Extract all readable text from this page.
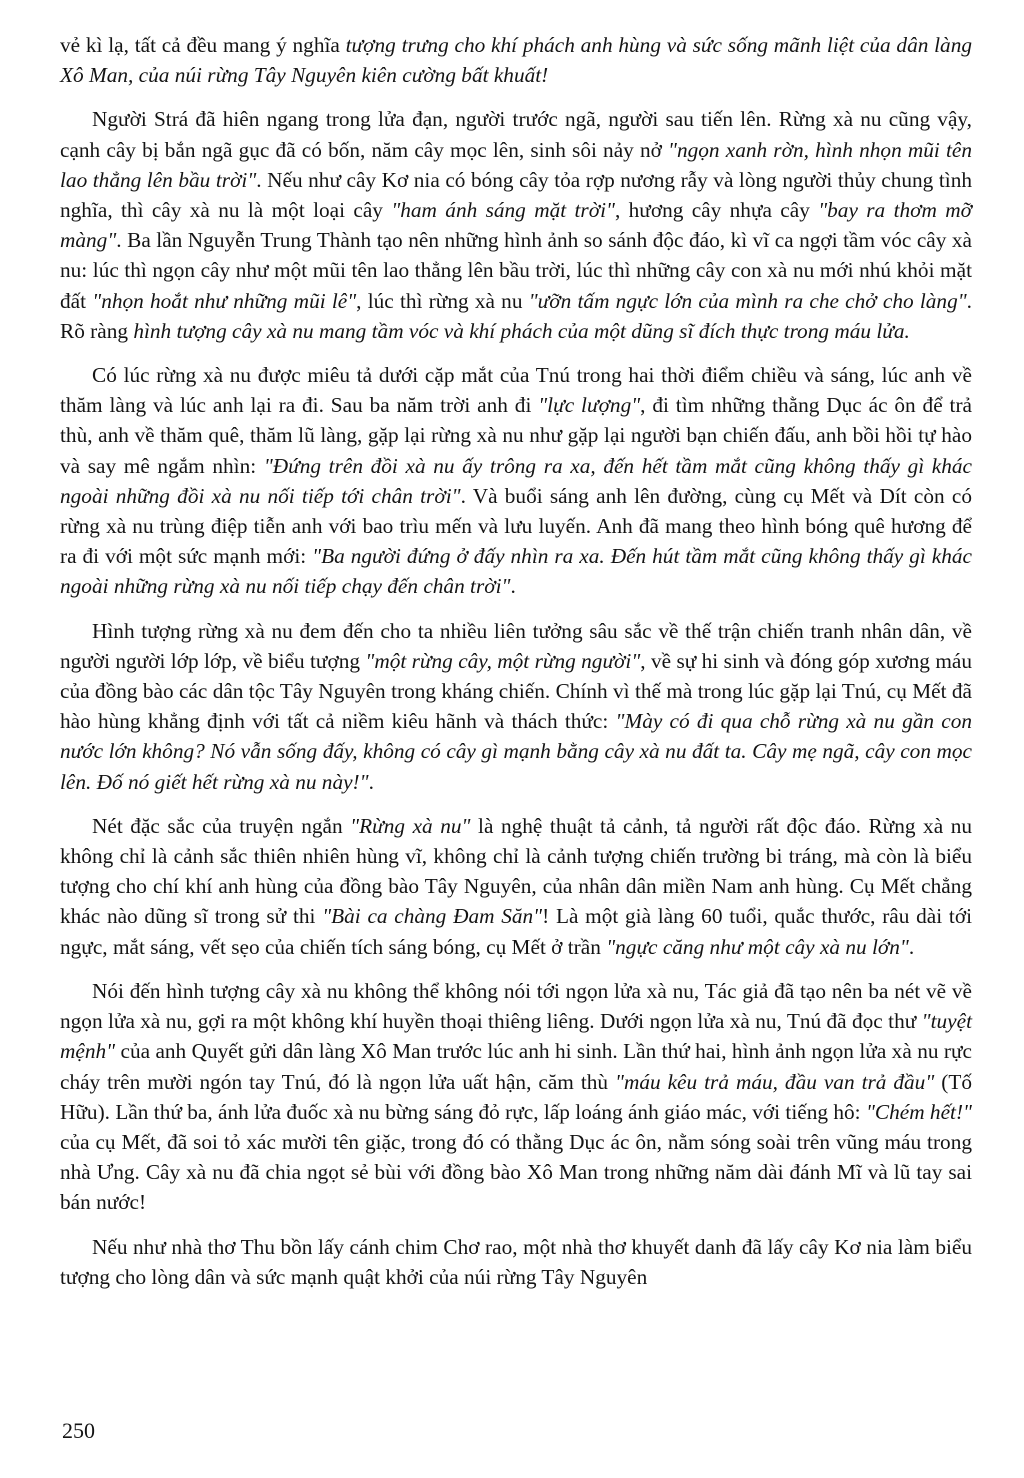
vẻ kì lạ, tất cả đều mang ý nghĩa tượng trưng cho khí phách anh hùng và sức sống mãnh liệt của dân làng Xô Man, của núi rừng Tây Nguyên kiên cường bất khuất!

Người Strá đã hiên ngang trong lửa đạn, người trước ngã, người sau tiến lên. Rừng xà nu cũng vậy, cạnh cây bị bắn ngã gục đã có bốn, năm cây mọc lên, sinh sôi nảy nở "ngọn xanh rờn, hình nhọn mũi tên lao thẳng lên bầu trời". Nếu như cây Kơ nia có bóng cây tỏa rợp nương rẫy và lòng người thủy chung tình nghĩa, thì cây xà nu là một loại cây "ham ánh sáng mặt trời", hương cây nhựa cây "bay ra thơm mỡ màng". Ba lần Nguyễn Trung Thành tạo nên những hình ảnh so sánh độc đáo, kì vĩ ca ngợi tầm vóc cây xà nu: lúc thì ngọn cây như một mũi tên lao thẳng lên bầu trời, lúc thì những cây con xà nu mới nhú khỏi mặt đất "nhọn hoắt như những mũi lê", lúc thì rừng xà nu "ưỡn tấm ngực lớn của mình ra che chở cho làng". Rõ ràng hình tượng cây xà nu mang tầm vóc và khí phách của một dũng sĩ đích thực trong máu lửa.

Có lúc rừng xà nu được miêu tả dưới cặp mắt của Tnú trong hai thời điểm chiều và sáng, lúc anh về thăm làng và lúc anh lại ra đi. Sau ba năm trời anh đi "lực lượng", đi tìm những thằng Dục ác ôn để trả thù, anh về thăm quê, thăm lũ làng, gặp lại rừng xà nu như gặp lại người bạn chiến đấu, anh bồi hồi tự hào và say mê ngắm nhìn: "Đứng trên đồi xà nu ấy trông ra xa, đến hết tầm mắt cũng không thấy gì khác ngoài những đồi xà nu nối tiếp tới chân trời". Và buổi sáng anh lên đường, cùng cụ Mết và Dít còn có rừng xà nu trùng điệp tiễn anh với bao trìu mến và lưu luyến. Anh đã mang theo hình bóng quê hương để ra đi với một sức mạnh mới: "Ba người đứng ở đấy nhìn ra xa. Đến hút tầm mắt cũng không thấy gì khác ngoài những rừng xà nu nối tiếp chạy đến chân trời".

Hình tượng rừng xà nu đem đến cho ta nhiều liên tưởng sâu sắc về thế trận chiến tranh nhân dân, về người người lớp lớp, về biểu tượng "một rừng cây, một rừng người", về sự hi sinh và đóng góp xương máu của đồng bào các dân tộc Tây Nguyên trong kháng chiến. Chính vì thế mà trong lúc gặp lại Tnú, cụ Mết đã hào hùng khẳng định với tất cả niềm kiêu hãnh và thách thức: "Mày có đi qua chỗ rừng xà nu gần con nước lớn không? Nó vẫn sống đấy, không có cây gì mạnh bằng cây xà nu đất ta. Cây mẹ ngã, cây con mọc lên. Đố nó giết hết rừng xà nu này!".

Nét đặc sắc của truyện ngắn "Rừng xà nu" là nghệ thuật tả cảnh, tả người rất độc đáo. Rừng xà nu không chỉ là cảnh sắc thiên nhiên hùng vĩ, không chỉ là cảnh tượng chiến trường bi tráng, mà còn là biểu tượng cho chí khí anh hùng của đồng bào Tây Nguyên, của nhân dân miền Nam anh hùng. Cụ Mết chẳng khác nào dũng sĩ trong sử thi "Bài ca chàng Đam Săn"! Là một già làng 60 tuổi, quắc thước, râu dài tới ngực, mắt sáng, vết sẹo của chiến tích sáng bóng, cụ Mết ở trần "ngực căng như một cây xà nu lớn".

Nói đến hình tượng cây xà nu không thể không nói tới ngọn lửa xà nu, Tác giả đã tạo nên ba nét vẽ về ngọn lửa xà nu, gợi ra một không khí huyền thoại thiêng liêng. Dưới ngọn lửa xà nu, Tnú đã đọc thư "tuyệt mệnh" của anh Quyết gửi dân làng Xô Man trước lúc anh hi sinh. Lần thứ hai, hình ảnh ngọn lửa xà nu rực cháy trên mười ngón tay Tnú, đó là ngọn lửa uất hận, căm thù "máu kêu trả máu, đầu van trả đầu" (Tố Hữu). Lần thứ ba, ánh lửa đuốc xà nu bừng sáng đỏ rực, lấp loáng ánh giáo mác, với tiếng hô: "Chém hết!" của cụ Mết, đã soi tỏ xác mười tên giặc, trong đó có thằng Dục ác ôn, nằm sóng soài trên vũng máu trong nhà Ưng. Cây xà nu đã chia ngọt sẻ bùi với đồng bào Xô Man trong những năm dài đánh Mĩ và lũ tay sai bán nước!

Nếu như nhà thơ Thu bồn lấy cánh chim Chơ rao, một nhà thơ khuyết danh đã lấy cây Kơ nia làm biểu tượng cho lòng dân và sức mạnh quật khởi của núi rừng Tây Nguyên

250
